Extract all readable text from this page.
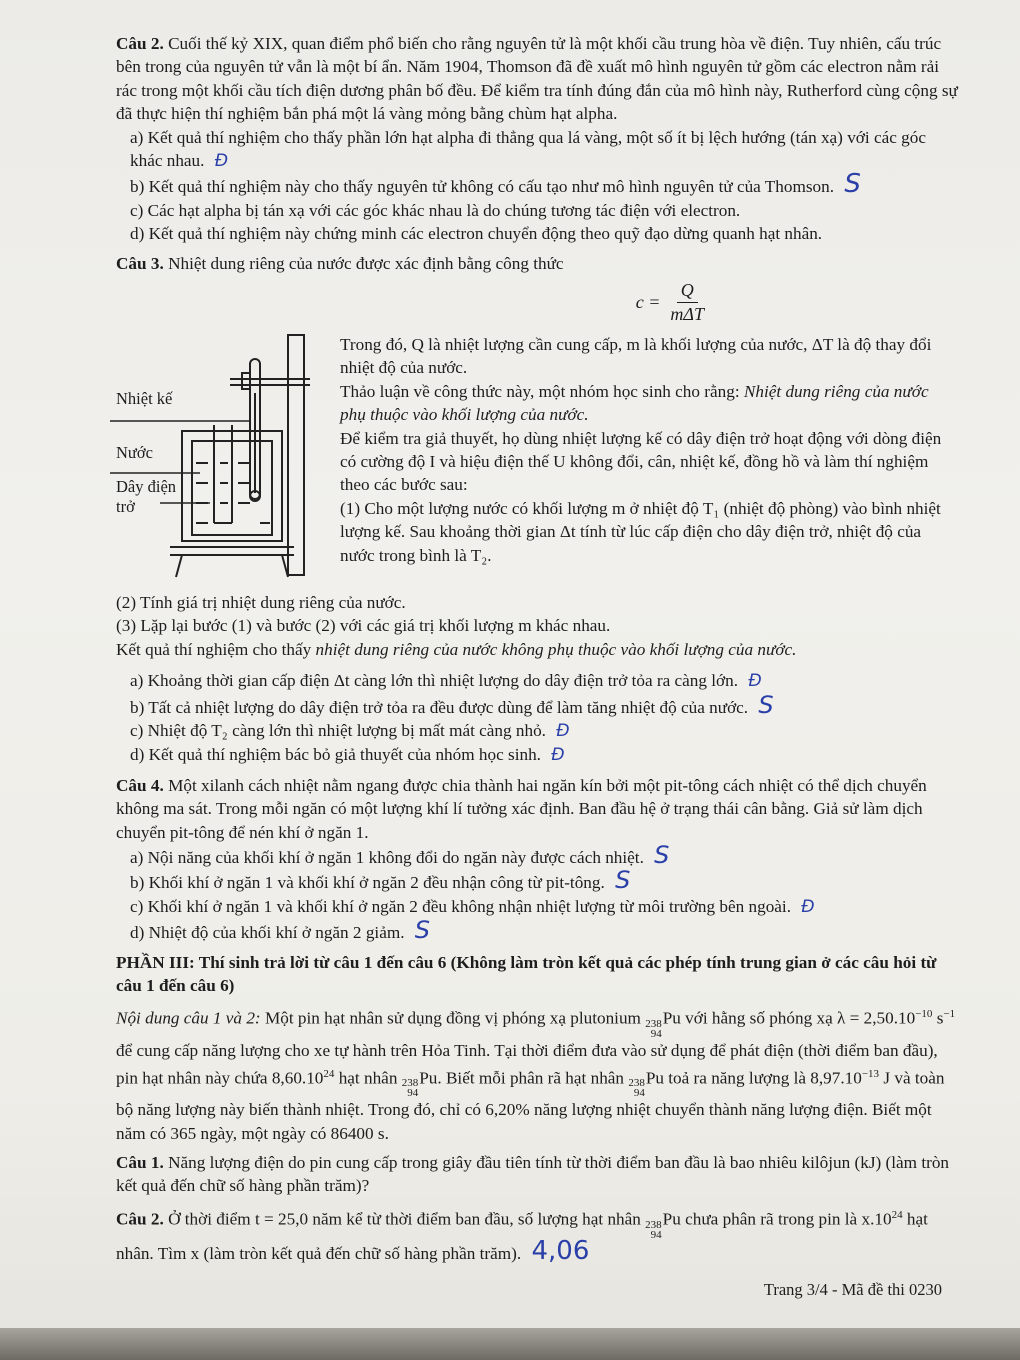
Câu 2. Cuối thế kỷ XIX, quan điểm phổ biến cho rằng nguyên tử là một khối cầu trung hòa về điện. Tuy nhiên, cấu trúc bên trong của nguyên tử vẫn là một bí ẩn. Năm 1904, Thomson đã đề xuất mô hình nguyên tử gồm các electron nằm rải rác trong một khối cầu tích điện dương phân bố đều. Để kiểm tra tính đúng đắn của mô hình này, Rutherford cùng cộng sự đã thực hiện thí nghiệm bắn phá một lá vàng mỏng bằng chùm hạt alpha.

a) Kết quả thí nghiệm cho thấy phần lớn hạt alpha đi thẳng qua lá vàng, một số ít bị lệch hướng (tán xạ) với các góc khác nhau. Đ

b) Kết quả thí nghiệm này cho thấy nguyên tử không có cấu tạo như mô hình nguyên tử của Thomson. S

c) Các hạt alpha bị tán xạ với các góc khác nhau là do chúng tương tác điện với electron.

d) Kết quả thí nghiệm này chứng minh các electron chuyển động theo quỹ đạo dừng quanh hạt nhân.

Câu 3. Nhiệt dung riêng của nước được xác định bằng công thức

$c = \frac{Q}{\text{mΔT}}$
Nhiệt kế
Nước
Dây điện trở

Trong đó, Q là nhiệt lượng cần cung cấp, m là khối lượng của nước, ΔT là độ thay đổi nhiệt độ của nước.

Thảo luận về công thức này, một nhóm học sinh cho rằng: Nhiệt dung riêng của nước phụ thuộc vào khối lượng của nước.

Để kiểm tra giả thuyết, họ dùng nhiệt lượng kế có dây điện trở hoạt động với dòng điện có cường độ I và hiệu điện thế U không đổi, cân, nhiệt kế, đồng hồ và làm thí nghiệm theo các bước sau:

(1) Cho một lượng nước có khối lượng m ở nhiệt độ T₁ (nhiệt độ phòng) vào bình nhiệt lượng kế. Sau khoảng thời gian Δt tính từ lúc cấp điện cho dây điện trở, nhiệt độ của nước trong bình là T₂.

(2) Tính giá trị nhiệt dung riêng của nước.

(3) Lặp lại bước (1) và bước (2) với các giá trị khối lượng m khác nhau.

Kết quả thí nghiệm cho thấy nhiệt dung riêng của nước không phụ thuộc vào khối lượng của nước.

a) Khoảng thời gian cấp điện Δt càng lớn thì nhiệt lượng do dây điện trở tỏa ra càng lớn. Đ

b) Tất cả nhiệt lượng do dây điện trở tỏa ra đều được dùng để làm tăng nhiệt độ của nước. S

c) Nhiệt độ T₂ càng lớn thì nhiệt lượng bị mất mát càng nhỏ. Đ

d) Kết quả thí nghiệm bác bỏ giả thuyết của nhóm học sinh. Đ

Câu 4. Một xilanh cách nhiệt nằm ngang được chia thành hai ngăn kín bởi một pit-tông cách nhiệt có thể dịch chuyển không ma sát. Trong mỗi ngăn có một lượng khí lí tưởng xác định. Ban đầu hệ ở trạng thái cân bằng. Giả sử làm dịch chuyển pit-tông để nén khí ở ngăn 1.

a) Nội năng của khối khí ở ngăn 1 không đổi do ngăn này được cách nhiệt. S

b) Khối khí ở ngăn 1 và khối khí ở ngăn 2 đều nhận công từ pit-tông. S

c) Khối khí ở ngăn 1 và khối khí ở ngăn 2 đều không nhận nhiệt lượng từ môi trường bên ngoài. Đ

d) Nhiệt độ của khối khí ở ngăn 2 giảm. S

PHẦN III: Thí sinh trả lời từ câu 1 đến câu 6 (Không làm tròn kết quả các phép tính trung gian ở các câu hỏi từ câu 1 đến câu 6)

Nội dung câu 1 và 2: Một pin hạt nhân sử dụng đồng vị phóng xạ plutonium 238
94
Pu với hằng số phóng xạ $\lambda = 2,50.10^{-10}$ $s^{-1}$ để cung cấp năng lượng cho xe tự hành trên Hỏa Tinh. Tại thời điểm đưa vào sử dụng để phát điện (thời điểm ban đầu), pin hạt nhân này chứa 8,60.10$^{24}$ hạt nhân 238
94
Pu. Biết mỗi phân rã hạt nhân 238
94
Pu toả ra năng lượng là $8,97.10^{-13}$ J và toàn bộ năng lượng này biến thành nhiệt. Trong đó, chỉ có 6,20% năng lượng nhiệt chuyển thành năng lượng điện. Biết một năm có 365 ngày, một ngày có 86400 s.

Câu 1. Năng lượng điện do pin cung cấp trong giây đầu tiên tính từ thời điểm ban đầu là bao nhiêu kilôjun (kJ) (làm tròn kết quả đến chữ số hàng phần trăm)?

Câu 2. Ở thời điểm t = 25,0 năm kể từ thời điểm ban đầu, số lượng hạt nhân 238
94
Pu chưa phân rã trong pin là $x.10^{24}$ hạt nhân. Tìm x (làm tròn kết quả đến chữ số hàng phần trăm). 4,06

Trang 3/4 - Mã đề thi 0230
